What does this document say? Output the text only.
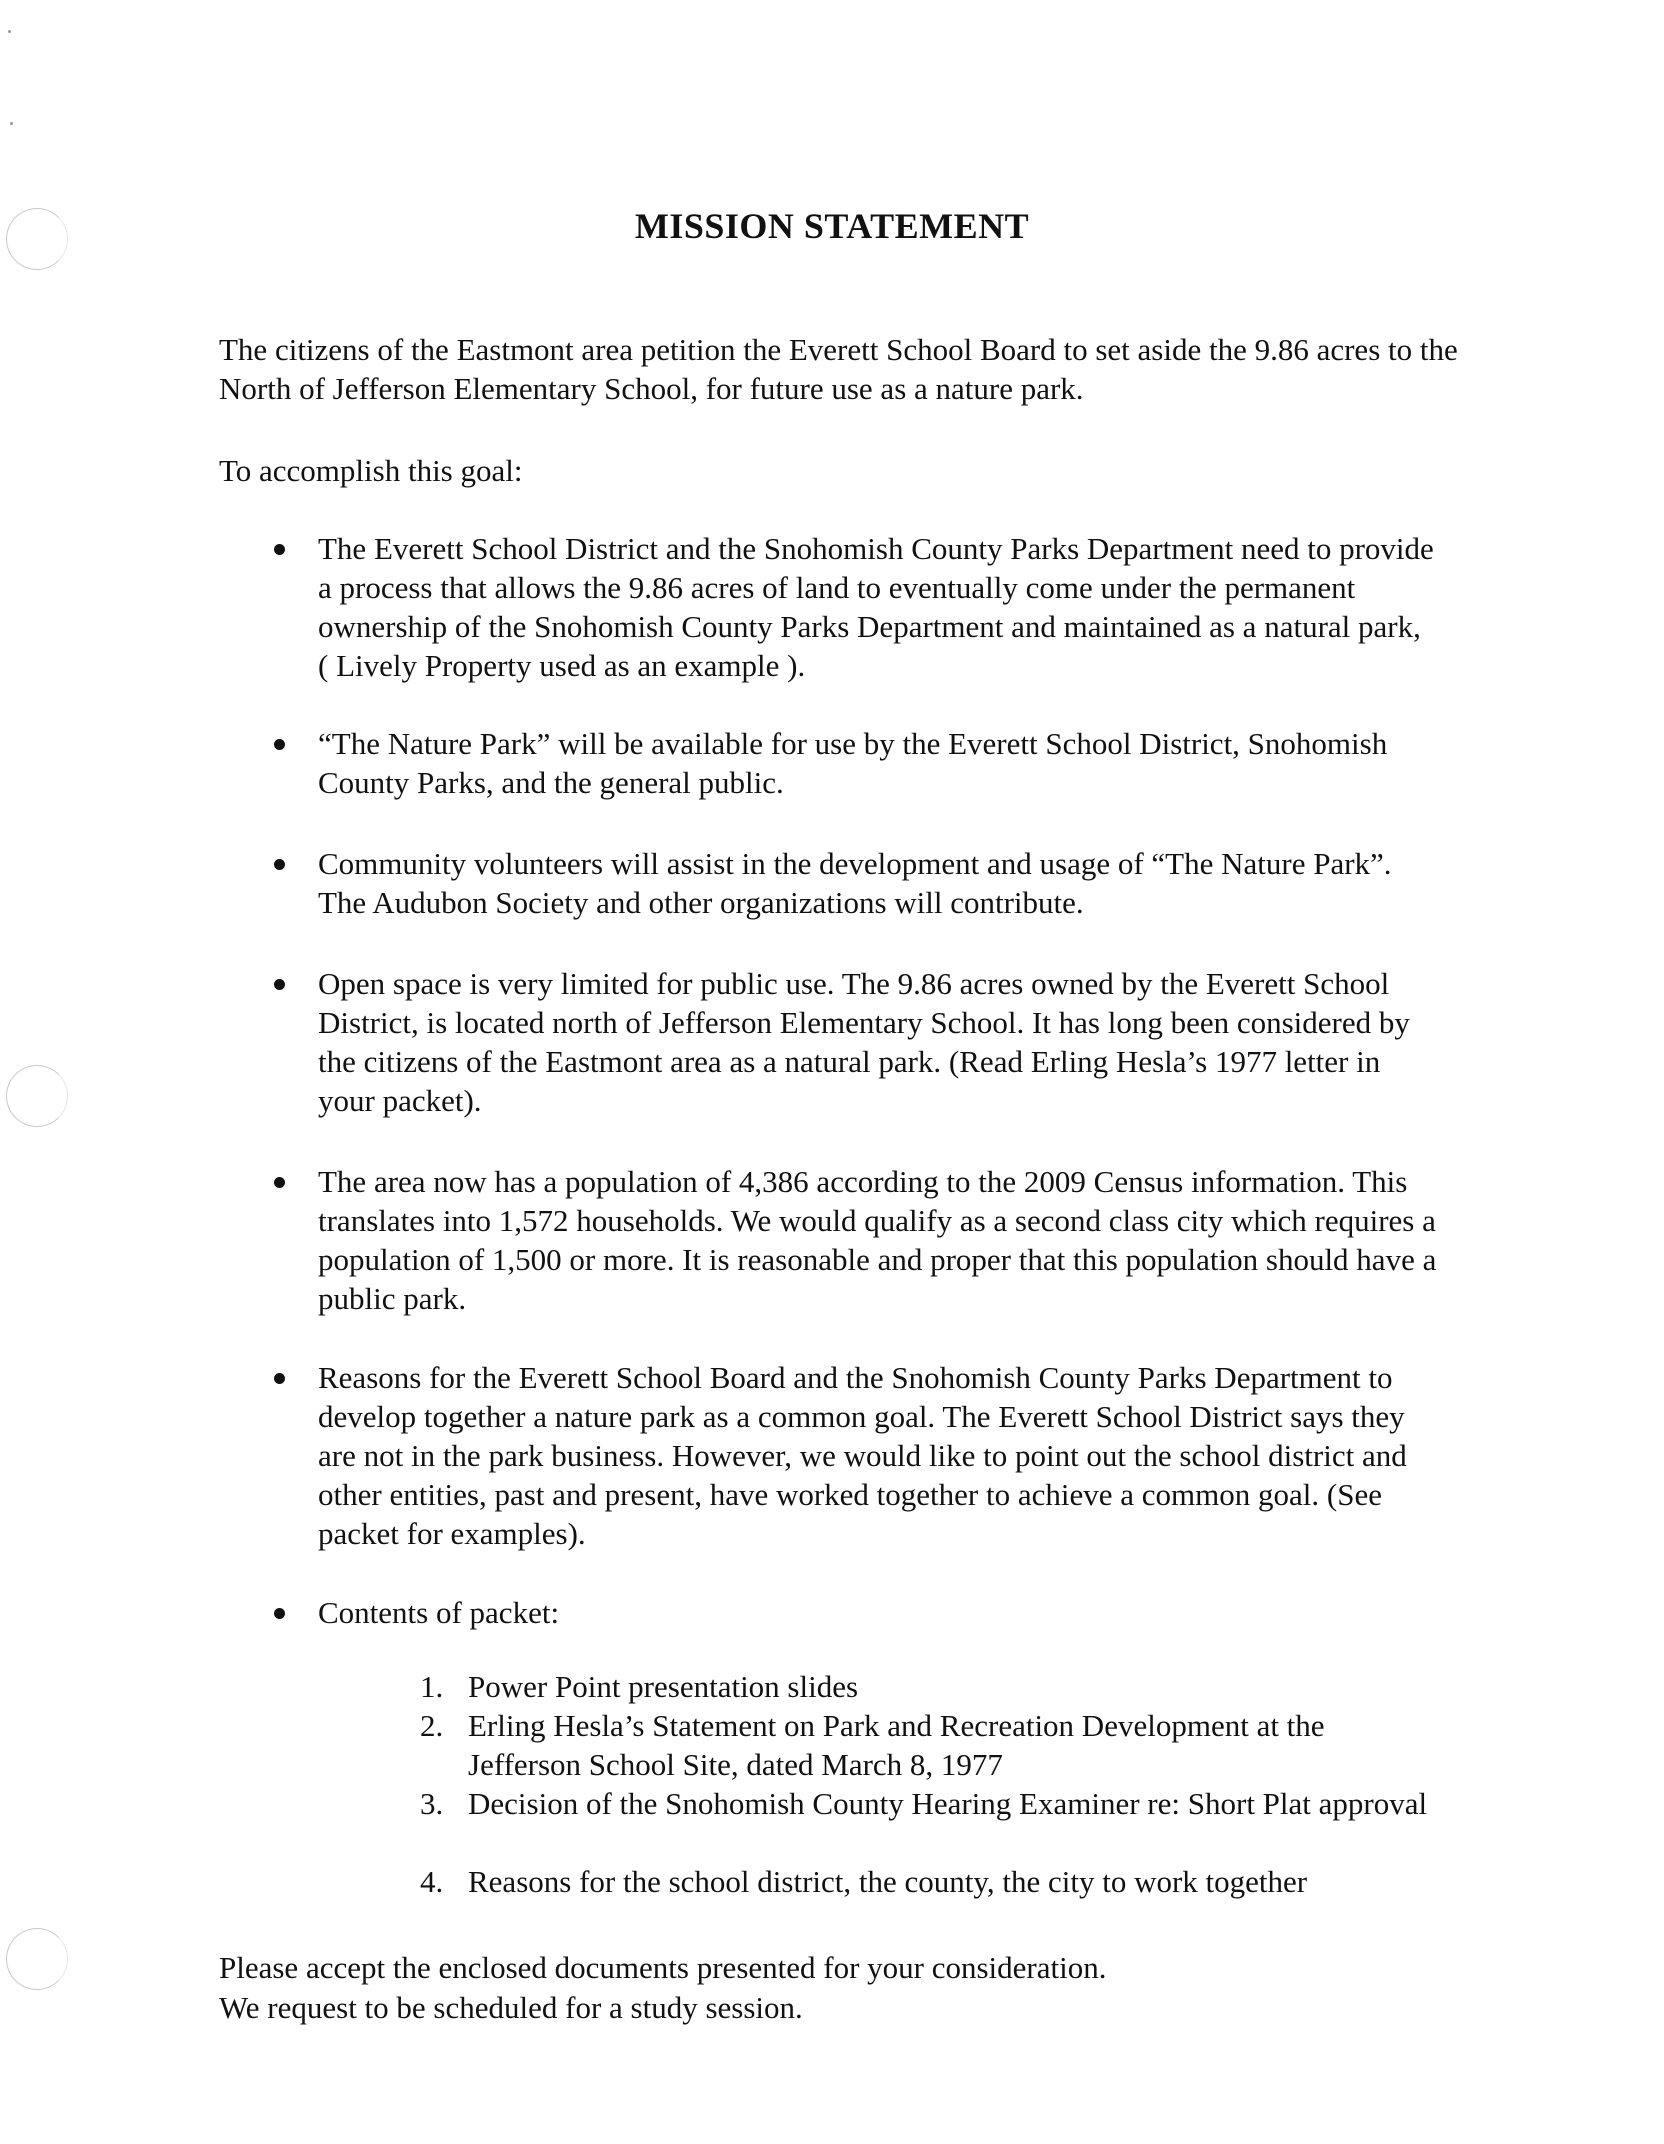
MISSION STATEMENT

The citizens of the Eastmont area petition the Everett School Board to set aside the 9.86 acres to the North of Jefferson Elementary School, for future use as a nature park.

To accomplish this goal:

The Everett School District and the Snohomish County Parks Department need to provide a process that allows the 9.86 acres of land to eventually come under the permanent ownership of the Snohomish County Parks Department and maintained as a natural park, ( Lively Property used as an example ).
“The Nature Park” will be available for use by the Everett School District, Snohomish County Parks, and the general public.
Community volunteers will assist in the development and usage of “The Nature Park”. The Audubon Society and other organizations will contribute.
Open space is very limited for public use. The 9.86 acres owned by the Everett School District, is located north of Jefferson Elementary School. It has long been considered by the citizens of the Eastmont area as a natural park. (Read Erling Hesla’s 1977 letter in your packet).
The area now has a population of 4,386 according to the 2009 Census information. This translates into 1,572 households. We would qualify as a second class city which requires a population of 1,500 or more. It is reasonable and proper that this population should have a public park.
Reasons for the Everett School Board and the Snohomish County Parks Department to develop together a nature park as a common goal. The Everett School District says they are not in the park business. However, we would like to point out the school district and other entities, past and present, have worked together to achieve a common goal. (See packet for examples).
Contents of packet:
1. Power Point presentation slides
2. Erling Hesla’s Statement on Park and Recreation Development at the Jefferson School Site, dated March 8, 1977
3. Decision of the Snohomish County Hearing Examiner re: Short Plat approval
4. Reasons for the school district, the county, the city to work together

Please accept the enclosed documents presented for your consideration.

We request to be scheduled for a study session.
